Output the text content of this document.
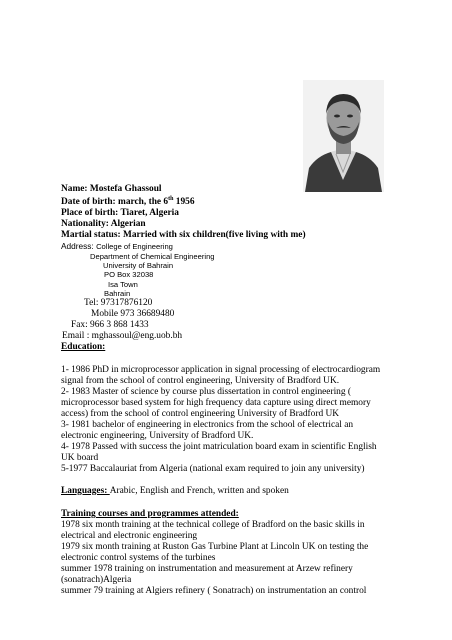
Name: Mostefa Ghassoul
Date of birth: march, the 6th 1956
Place of birth: Tiaret, Algeria
Nationality: Algerian
Martial status: Married with six children(five living with me)
Address: College of Engineering
Department of Chemical Engineering
University of Bahrain
PO Box 32038
Isa Town
Bahrain
Tel: 97317876120
Mobile 973 36689480
Fax: 966 3 868 1433
Email : mghassoul@eng.uob.bh
Education:
1- 1986 PhD in microprocessor application in signal processing of electrocardiogram
signal from the school of control engineering, University of Bradford UK.
2- 1983 Master of science by course plus dissertation in control engineering (
microprocessor based system for high frequency data capture using direct memory
access) from the school of control engineering University of Bradford UK
3- 1981 bachelor of engineering in electronics from the school of electrical an
electronic engineering, University of Bradford UK.
4- 1978 Passed with success the joint matriculation board exam in scientific English
UK board
5-1977 Baccalauriat from Algeria (national exam required to join any university)
Languages: Arabic, English and French, written and spoken
Training courses and programmes attended:
1978 six month training at the technical college of Bradford on the basic skills in
electrical and electronic engineering
1979 six month training at Ruston Gas Turbine Plant at Lincoln UK on testing the
electronic control systems of the turbines
summer 1978 training on instrumentation and measurement at Arzew refinery
(sonatrach)Algeria
summer 79 training at Algiers refinery ( Sonatrach) on instrumentation an control
